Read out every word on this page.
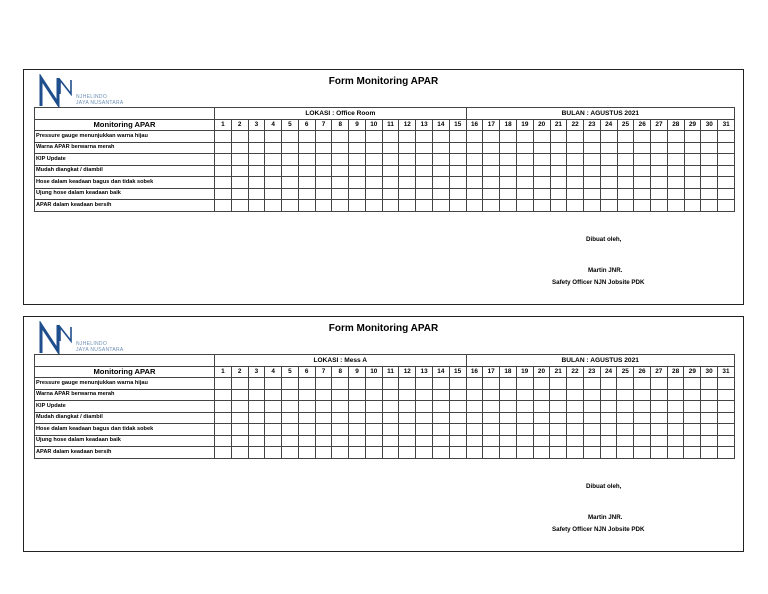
NJHELINDO
JAYA NUSANTARA
Form Monitoring APAR
	LOKASI : Office Room															BULAN : AGUSTUS 2021															
Monitoring APAR	1	2	3	4	5	6	7	8	9	10	11	12	13	14	15	16	17	18	19	20	21	22	23	24	25	26	27	28	29	30	31
Pressure gauge menunjukkan warna hijau																															
Warna APAR berwarna merah																															
KIP Update																															
Mudah diangkat / diambil																															
Hose dalam keadaan bagus dan tidak sobek																															
Ujung hose dalam keadaan baik																															
APAR dalam keadaan bersih																															
Dibuat oleh,
Martin JNR.
Safety Officer NJN Jobsite PDK
NJHELINDO
JAYA NUSANTARA
Form Monitoring APAR
	LOKASI : Mess A															BULAN : AGUSTUS 2021															
Monitoring APAR	1	2	3	4	5	6	7	8	9	10	11	12	13	14	15	16	17	18	19	20	21	22	23	24	25	26	27	28	29	30	31
Pressure gauge menunjukkan warna hijau																															
Warna APAR berwarna merah																															
KIP Update																															
Mudah diangkat / diambil																															
Hose dalam keadaan bagus dan tidak sobek																															
Ujung hose dalam keadaan baik																															
APAR dalam keadaan bersih																															
Dibuat oleh,
Martin JNR.
Safety Officer NJN Jobsite PDK
